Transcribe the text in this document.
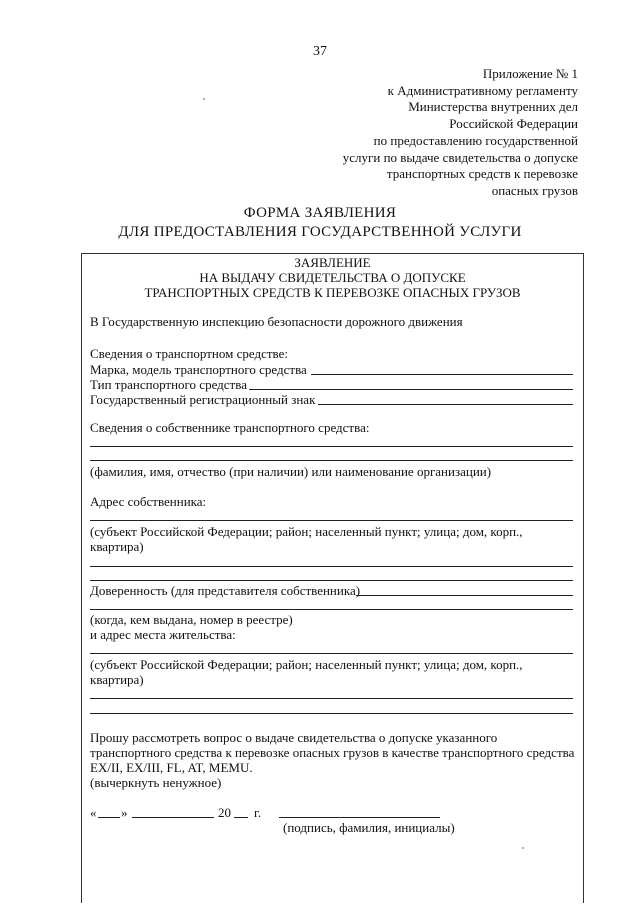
37
Приложение № 1
к Административному регламенту
Министерства внутренних дел
Российской Федерации
по предоставлению государственной
услуги по выдаче свидетельства о допуске
транспортных средств к перевозке
опасных грузов
ФОРМА ЗАЯВЛЕНИЯ
ДЛЯ ПРЕДОСТАВЛЕНИЯ ГОСУДАРСТВЕННОЙ УСЛУГИ
ЗАЯВЛЕНИЕ
НА ВЫДАЧУ СВИДЕТЕЛЬСТВА О ДОПУСКЕ
ТРАНСПОРТНЫХ СРЕДСТВ К ПЕРЕВОЗКЕ ОПАСНЫХ ГРУЗОВ
В Государственную инспекцию безопасности дорожного движения
Сведения о транспортном средстве:
Марка, модель транспортного средства
Тип транспортного средства
Государственный регистрационный знак
Сведения о собственнике транспортного средства:
(фамилия, имя, отчество (при наличии) или наименование организации)
Адрес собственника:
(субъект Российской Федерации; район; населенный пункт; улица; дом, корп.,
квартира)
Доверенность (для представителя собственника)
(когда, кем выдана, номер в реестре)
и адрес места жительства:
(субъект Российской Федерации; район; населенный пункт; улица; дом, корп.,
квартира)
Прошу рассмотреть вопрос о выдаче свидетельства о допуске указанного
транспортного средства к перевозке опасных грузов в качестве транспортного средства
EX/II, EX/III, FL, AT, MEMU.
(вычеркнуть ненужное)
« »	20 г.
(подпись, фамилия, инициалы)
